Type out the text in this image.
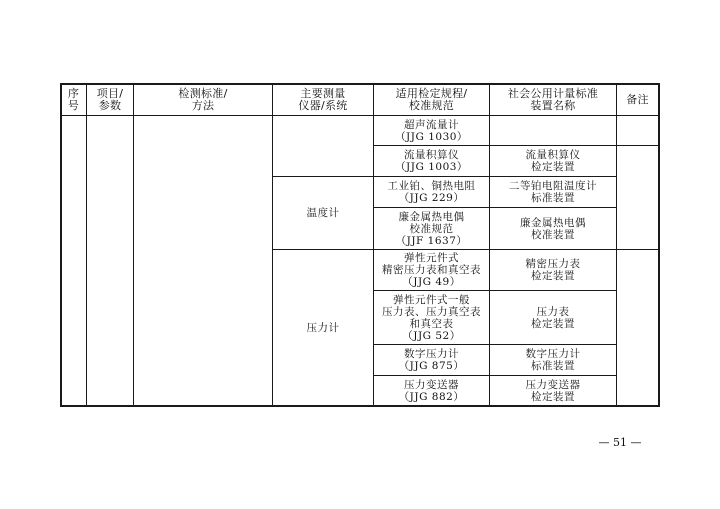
序
号
项目/
参数
检测标准/
方法
主要测量
仪器/系统
适用检定规程/
校准规范
社会公用计量标准
装置名称	备注
温度计
压力计
超声流量计
（JJG 1030）
流量积算仪
（JJG 1003）
流量积算仪
检定装置
工业铂、铜热电阻
（JJG 229）
二等铂电阻温度计
标准装置
廉金属热电偶
校准规范
（JJF 1637）
廉金属热电偶
校准装置
弹性元件式
精密压力表和真空表
（JJG 49）
精密压力表
检定装置
弹性元件式一般
压力表、压力真空表
和真空表
（JJG 52）
压力表
检定装置
数字压力计
（JJG 875）
数字压力计
标准装置
压力变送器
（JJG 882）
压力变送器
检定装置
— 51 —
